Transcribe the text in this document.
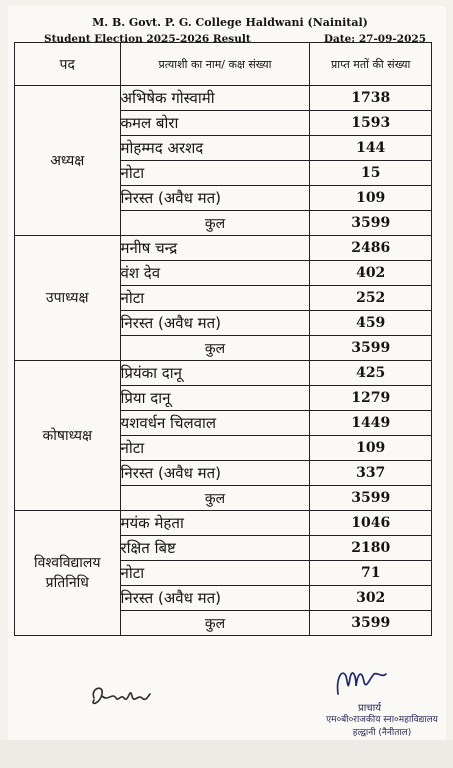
M. B. Govt. P. G. College Haldwani (Nainital)
Student Election 2025-2026 Result	Date: 27-09-2025
पद	प्रत्याशी का नाम/ कक्ष संख्या	प्राप्त मतों की संख्या
अध्यक्ष	अभिषेक गोस्वामी	1738
	कमल बोरा	1593
	मोहम्मद अरशद	144
	नोटा	15
	निरस्त (अवैध मत)	109
	कुल	3599
उपाध्यक्ष	मनीष चन्द्र	2486
	वंश देव	402
	नोटा	252
	निरस्त (अवैध मत)	459
	कुल	3599
कोषाध्यक्ष	प्रियंका दानू	425
	प्रिया दानू	1279
	यशवर्धन चिलवाल	1449
	नोटा	109
	निरस्त (अवैध मत)	337
	कुल	3599
विश्वविद्यालय प्रतिनिधि	मयंक मेहता	1046
	रक्षित बिष्ट	2180
	नोटा	71
	निरस्त (अवैध मत)	302
	कुल	3599
प्राचार्य
एम०बी०राजकीय स्ना०महाविद्यालय
हल्द्वानी (नैनीताल)
